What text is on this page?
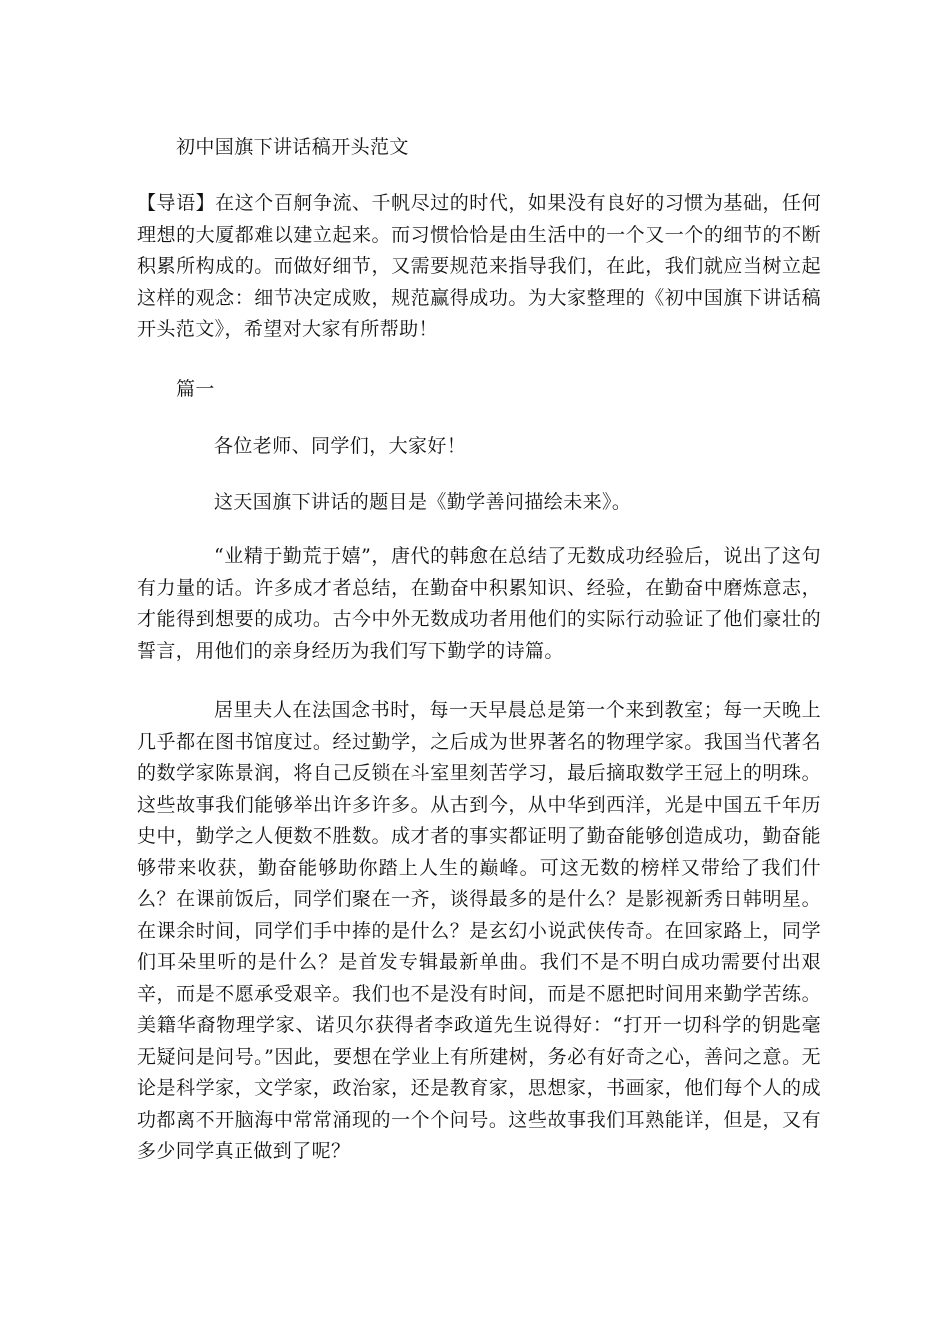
初中国旗下讲话稿开头范文

【导语】在这个百舸争流、千帆尽过的时代，如果没有良好的习惯为基础，任何理想的大厦都难以建立起来。而习惯恰恰是由生活中的一个又一个的细节的不断积累所构成的。而做好细节，又需要规范来指导我们，在此，我们就应当树立起这样的观念：细节决定成败，规范赢得成功。为大家整理的《初中国旗下讲话稿开头范文》，希望对大家有所帮助！

篇一

各位老师、同学们，大家好！

这天国旗下讲话的题目是《勤学善问描绘未来》。

“业精于勤荒于嬉”，唐代的韩愈在总结了无数成功经验后，说出了这句有力量的话。许多成才者总结，在勤奋中积累知识、经验，在勤奋中磨炼意志，才能得到想要的成功。古今中外无数成功者用他们的实际行动验证了他们豪壮的誓言，用他们的亲身经历为我们写下勤学的诗篇。

居里夫人在法国念书时，每一天早晨总是第一个来到教室；每一天晚上几乎都在图书馆度过。经过勤学，之后成为世界著名的物理学家。我国当代著名的数学家陈景润，将自己反锁在斗室里刻苦学习，最后摘取数学王冠上的明珠。这些故事我们能够举出许多许多。从古到今，从中华到西洋，光是中国五千年历史中，勤学之人便数不胜数。成才者的事实都证明了勤奋能够创造成功，勤奋能够带来收获，勤奋能够助你踏上人生的巅峰。可这无数的榜样又带给了我们什么？在课前饭后，同学们聚在一齐，谈得最多的是什么？是影视新秀日韩明星。在课余时间，同学们手中捧的是什么？是玄幻小说武侠传奇。在回家路上，同学们耳朵里听的是什么？是首发专辑最新单曲。我们不是不明白成功需要付出艰辛，而是不愿承受艰辛。我们也不是没有时间，而是不愿把时间用来勤学苦练。美籍华裔物理学家、诺贝尔获得者李政道先生说得好：“打开一切科学的钥匙毫无疑问是问号。”因此，要想在学业上有所建树，务必有好奇之心，善问之意。无论是科学家，文学家，政治家，还是教育家，思想家，书画家，他们每个人的成功都离不开脑海中常常涌现的一个个问号。这些故事我们耳熟能详，但是，又有多少同学真正做到了呢？
